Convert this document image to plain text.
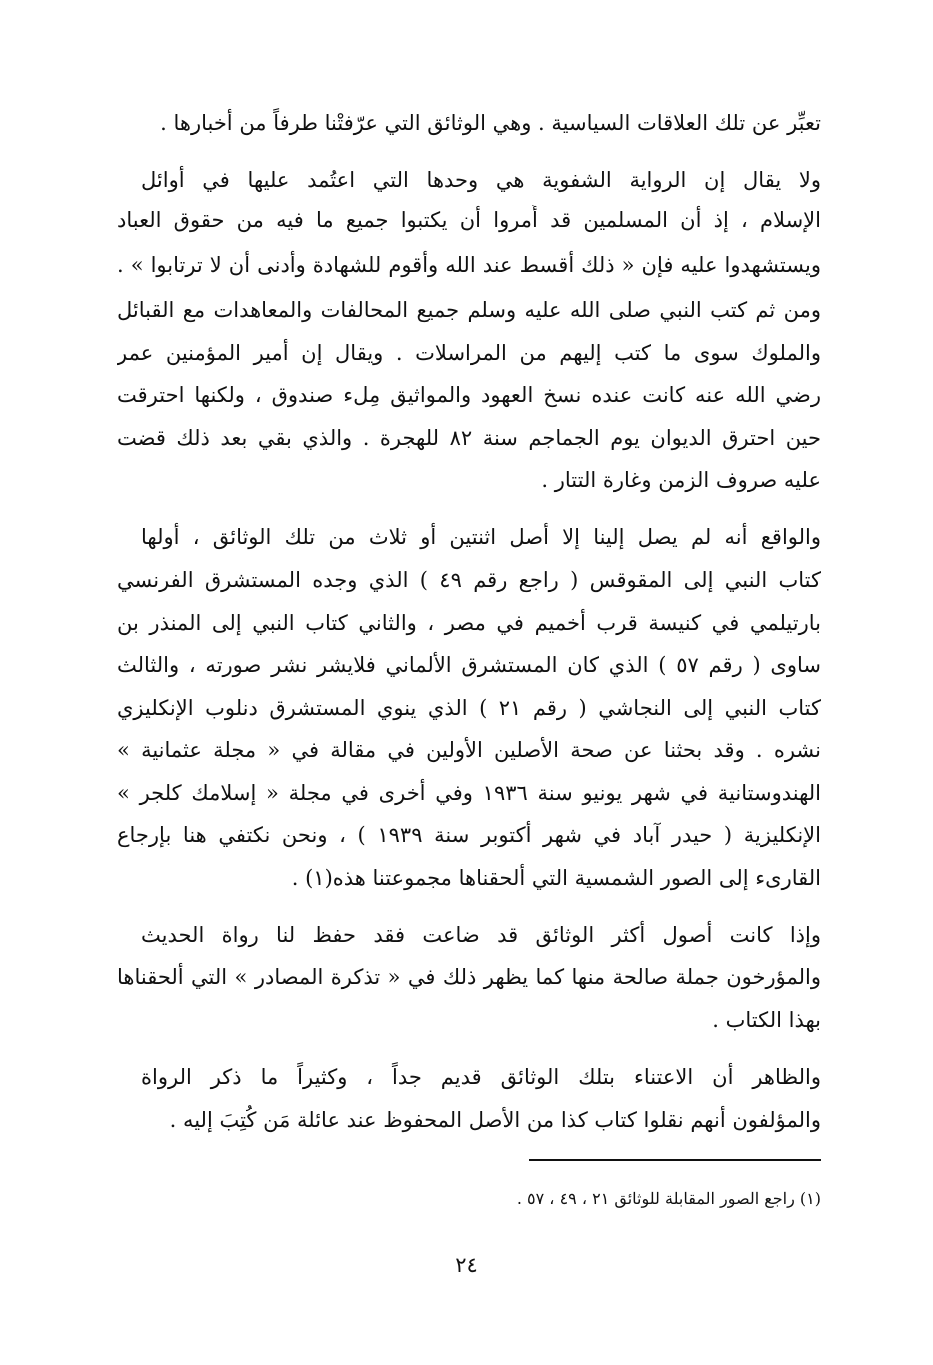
تعبِّر عن تلك العلاقات السياسية . وهي الوثائق التي عرّفتْنا طرفاً من أخبارها .
ولا يقال إن الرواية الشفوية هي وحدها التي اعتُمد عليها في أوائل
الإسلام ، إذ أن المسلمين قد أُمروا أن يكتبوا جميع ما فيه من حقوق العباد
ويستشهدوا عليه فإن « ذلك أقسط عند الله وأقوم للشهادة وأدنى أن لا ترتابوا » .
ومن ثم كتب النبي صلى الله عليه وسلم جميع المحالفات والمعاهدات مع القبائل
والملوك سوى ما كتب إليهم من المراسلات . ويقال إن أمير المؤمنين عمر
رضي الله عنه كانت عنده نسخ العهود والمواثيق مِلء صندوق ، ولكنها احترقت
حين احترق الديوان يوم الجماجم سنة ٨٢ للهجرة . والذي بقي بعد ذلك قضت
عليه صروف الزمن وغارة التتار .
والواقع أنه لم يصل إلينا إلا أصل اثنتين أو ثلاث من تلك الوثائق ، أولها
كتاب النبي إلى المقوقس ( راجع رقم ٤٩ ) الذي وجده المستشرق الفرنسي
بارتيلمي في كنيسة قرب أخميم في مصر ، والثاني كتاب النبي إلى المنذر بن
ساوى ( رقم ٥٧ ) الذي كان المستشرق الألماني فلايشر نشر صورته ، والثالث
كتاب النبي إلى النجاشي ( رقم ٢١ ) الذي ينوي المستشرق دنلوب الإنكليزي
نشره . وقد بحثنا عن صحة الأصلين الأولين في مقالة في « مجلة عثمانية »
الهندوستانية في شهر يونيو سنة ١٩٣٦ وفي أخرى في مجلة « إسلامك كلجر »
الإنكليزية ( حيدر آباد في شهر أكتوبر سنة ١٩٣٩ ) ، ونحن نكتفي هنا بإرجاع
القارىء إلى الصور الشمسية التي ألحقناها مجموعتنا هذه(١) .
وإذا كانت أصول أكثر الوثائق قد ضاعت فقد حفظ لنا رواة الحديث
والمؤرخون جملة صالحة منها كما يظهر ذلك في « تذكرة المصادر » التي ألحقناها
بهذا الكتاب .
والظاهر أن الاعتناء بتلك الوثائق قديم جداً ، وكثيراً ما ذكر الرواة
والمؤلفون أنهم نقلوا كتاب كذا من الأصل المحفوظ عند عائلة مَن كُتِبَ إليه .
(١) راجع الصور المقابلة للوثائق ٢١ ، ٤٩ ، ٥٧ .
٢٤
